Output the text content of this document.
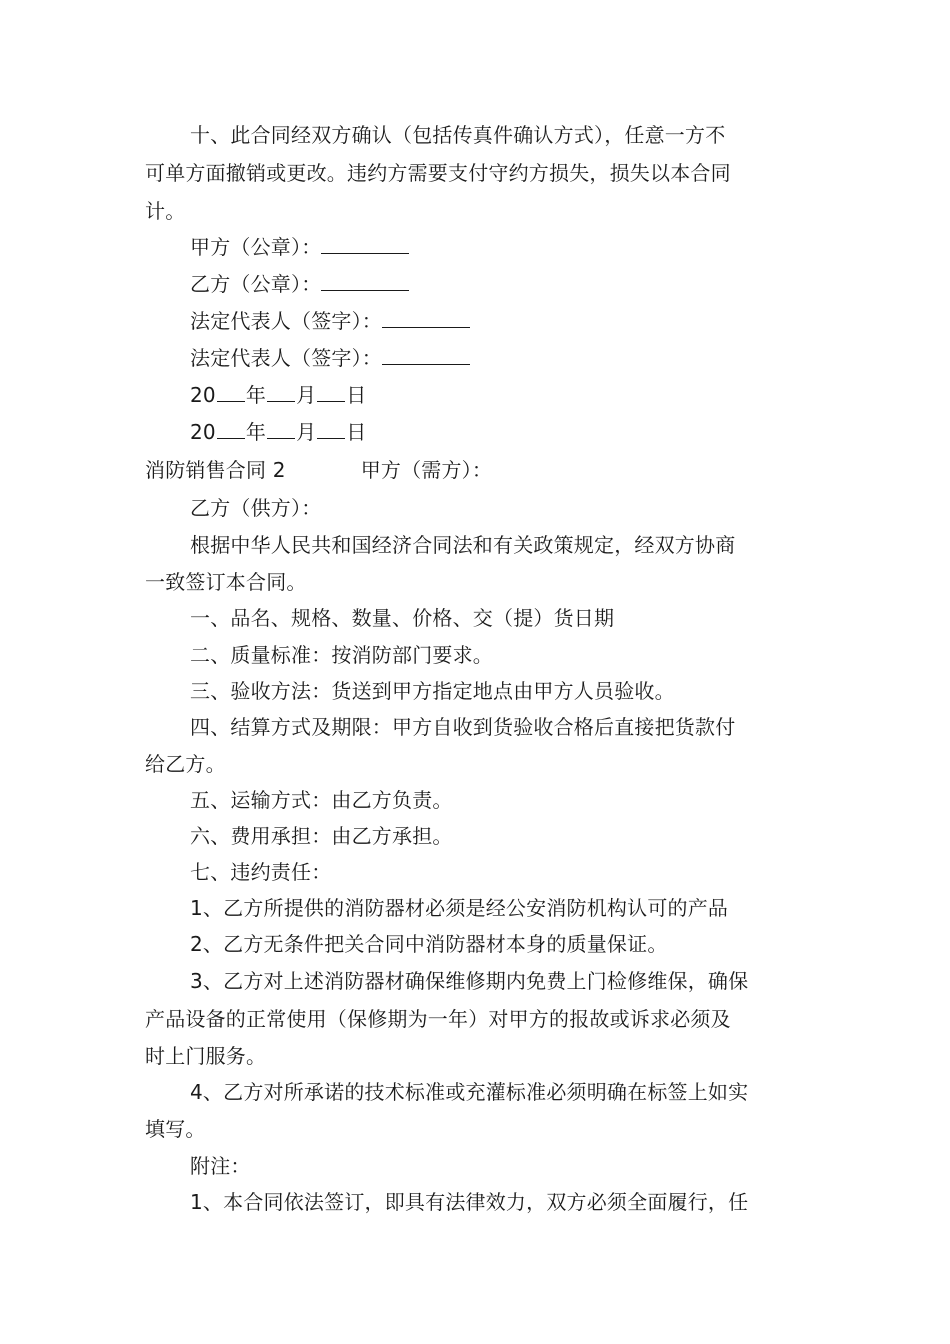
十、此合同经双方确认（包括传真件确认方式），任意一方不
可单方面撤销或更改。违约方需要支付守约方损失，损失以本合同
计。
甲方（公章）：
乙方（公章）：
法定代表人（签字）：
法定代表人（签字）：
20 年 月 日
20 年 月 日
消防销售合同 2	甲方（需方）：
乙方（供方）：
根据中华人民共和国经济合同法和有关政策规定，经双方协商
一致签订本合同。
一、品名、规格、数量、价格、交（提）货日期
二、质量标准：按消防部门要求。
三、验收方法：货送到甲方指定地点由甲方人员验收。
四、结算方式及期限：甲方自收到货验收合格后直接把货款付
给乙方。
五、运输方式：由乙方负责。
六、费用承担：由乙方承担。
七、违约责任：
1、乙方所提供的消防器材必须是经公安消防机构认可的产品
2、乙方无条件把关合同中消防器材本身的质量保证。
3、乙方对上述消防器材确保维修期内免费上门检修维保，确保
产品设备的正常使用（保修期为一年）对甲方的报故或诉求必须及
时上门服务。
4、乙方对所承诺的技术标准或充灌标准必须明确在标签上如实
填写。
附注：
1、本合同依法签订，即具有法律效力，双方必须全面履行，任
